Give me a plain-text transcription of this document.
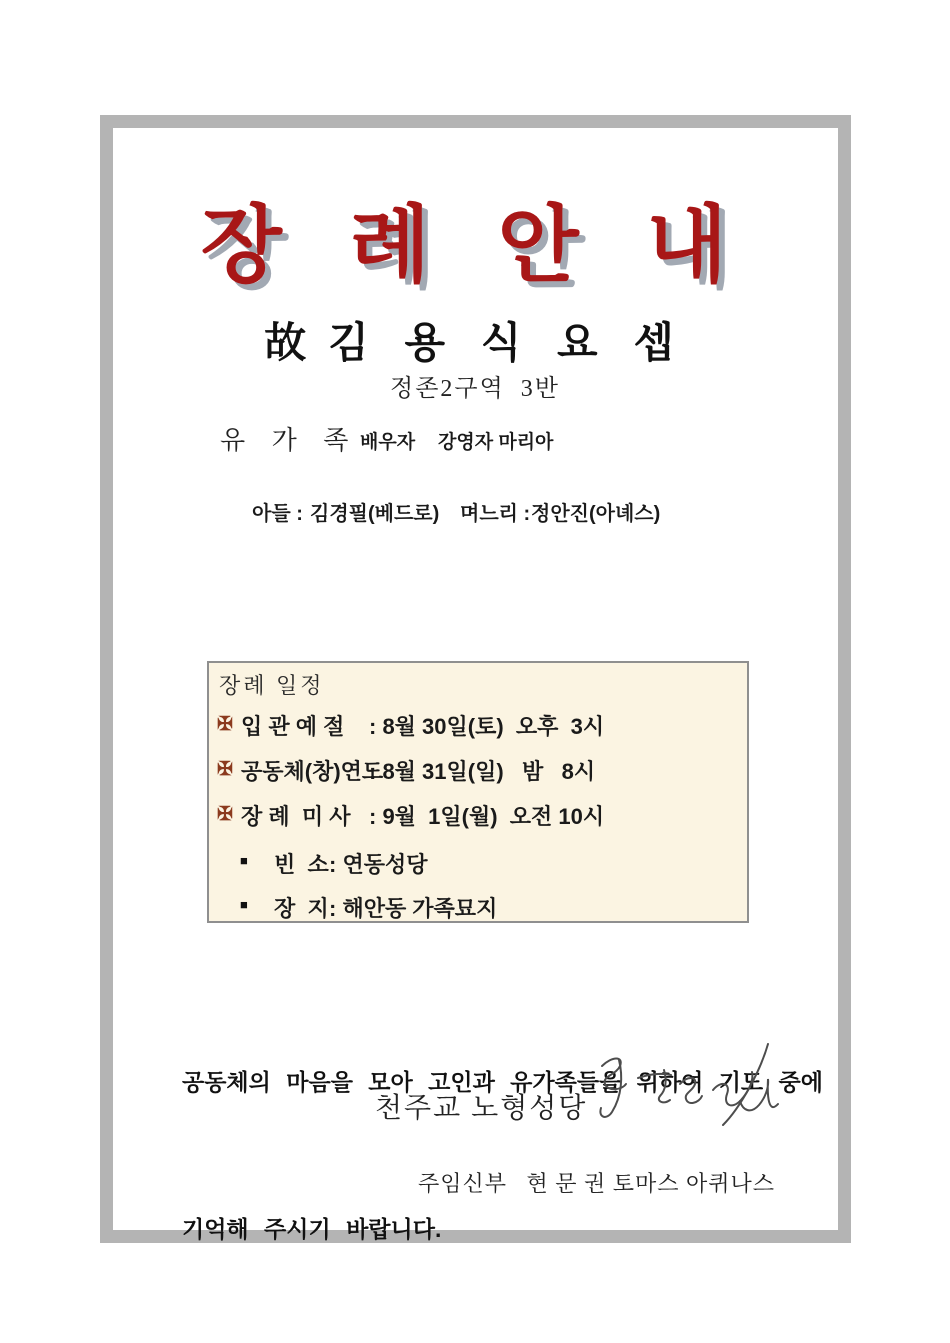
장 례 안 내
故 김 용 식 요 셉
정존2구역  3반
유 가 족 배우자 강영자 마리아
아들 : 김경필(베드로) 며느리 : 정안진(아녜스)
장례 일정
✠ 입 관 예 절	: 8월 30일(토)  오후  3시
✠ 공동체(창)연도
: 8월 31일(일)   밤   8시
✠ 장 례  미 사 : 9월  1일(월)  오전 10시
■ 빈  소 : 연동성당
■ 장  지 : 해안동 가족묘지

공동체의 마음을 모아 고인과 유가족들을 위하여 기도 중에

기억해 주시기 바랍니다.

천주교 노형성당
주임신부   현 문 권 토마스 아퀴나스
